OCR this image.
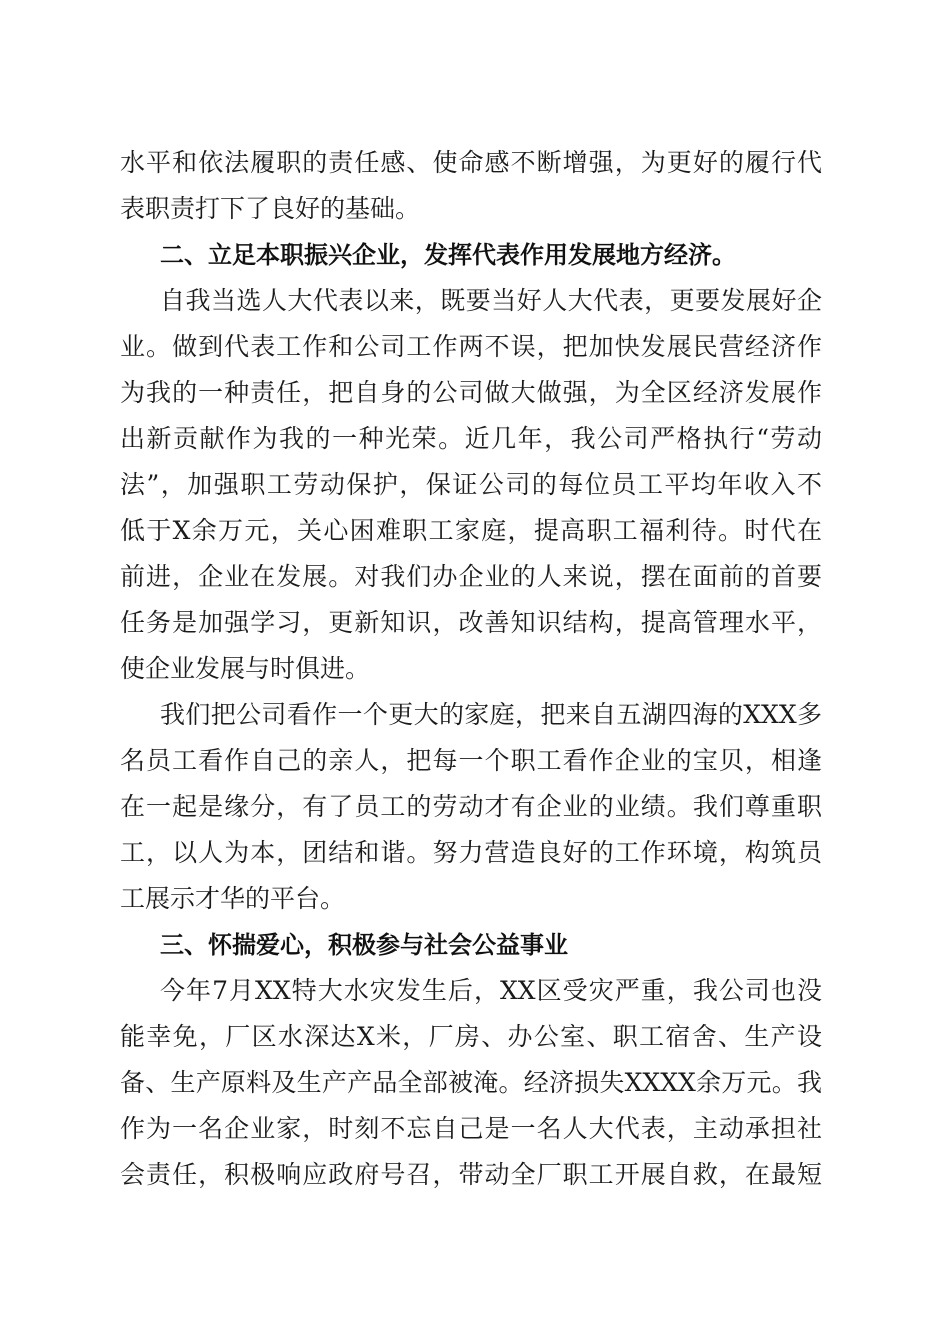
水平和依法履职的责任感、使命感不断增强，为更好的履行代
表职责打下了良好的基础。
二、立足本职振兴企业，发挥代表作用发展地方经济。
自我当选人大代表以来，既要当好人大代表，更要发展好企
业。做到代表工作和公司工作两不误，把加快发展民营经济作
为我的一种责任，把自身的公司做大做强，为全区经济发展作
出新贡献作为我的一种光荣。近几年，我公司严格执行“劳动
法”，加强职工劳动保护，保证公司的每位员工平均年收入不
低于X余万元，关心困难职工家庭，提高职工福利待。时代在
前进，企业在发展。对我们办企业的人来说，摆在面前的首要
任务是加强学习，更新知识，改善知识结构，提高管理水平，
使企业发展与时俱进。
我们把公司看作一个更大的家庭，把来自五湖四海的XXX多
名员工看作自己的亲人，把每一个职工看作企业的宝贝，相逢
在一起是缘分，有了员工的劳动才有企业的业绩。我们尊重职
工，以人为本，团结和谐。努力营造良好的工作环境，构筑员
工展示才华的平台。
三、怀揣爱心，积极参与社会公益事业
今年7月XX特大水灾发生后，XX区受灾严重，我公司也没
能幸免，厂区水深达X米，厂房、办公室、职工宿舍、生产设
备、生产原料及生产产品全部被淹。经济损失XXXX余万元。我
作为一名企业家，时刻不忘自己是一名人大代表，主动承担社
会责任，积极响应政府号召，带动全厂职工开展自救，在最短
